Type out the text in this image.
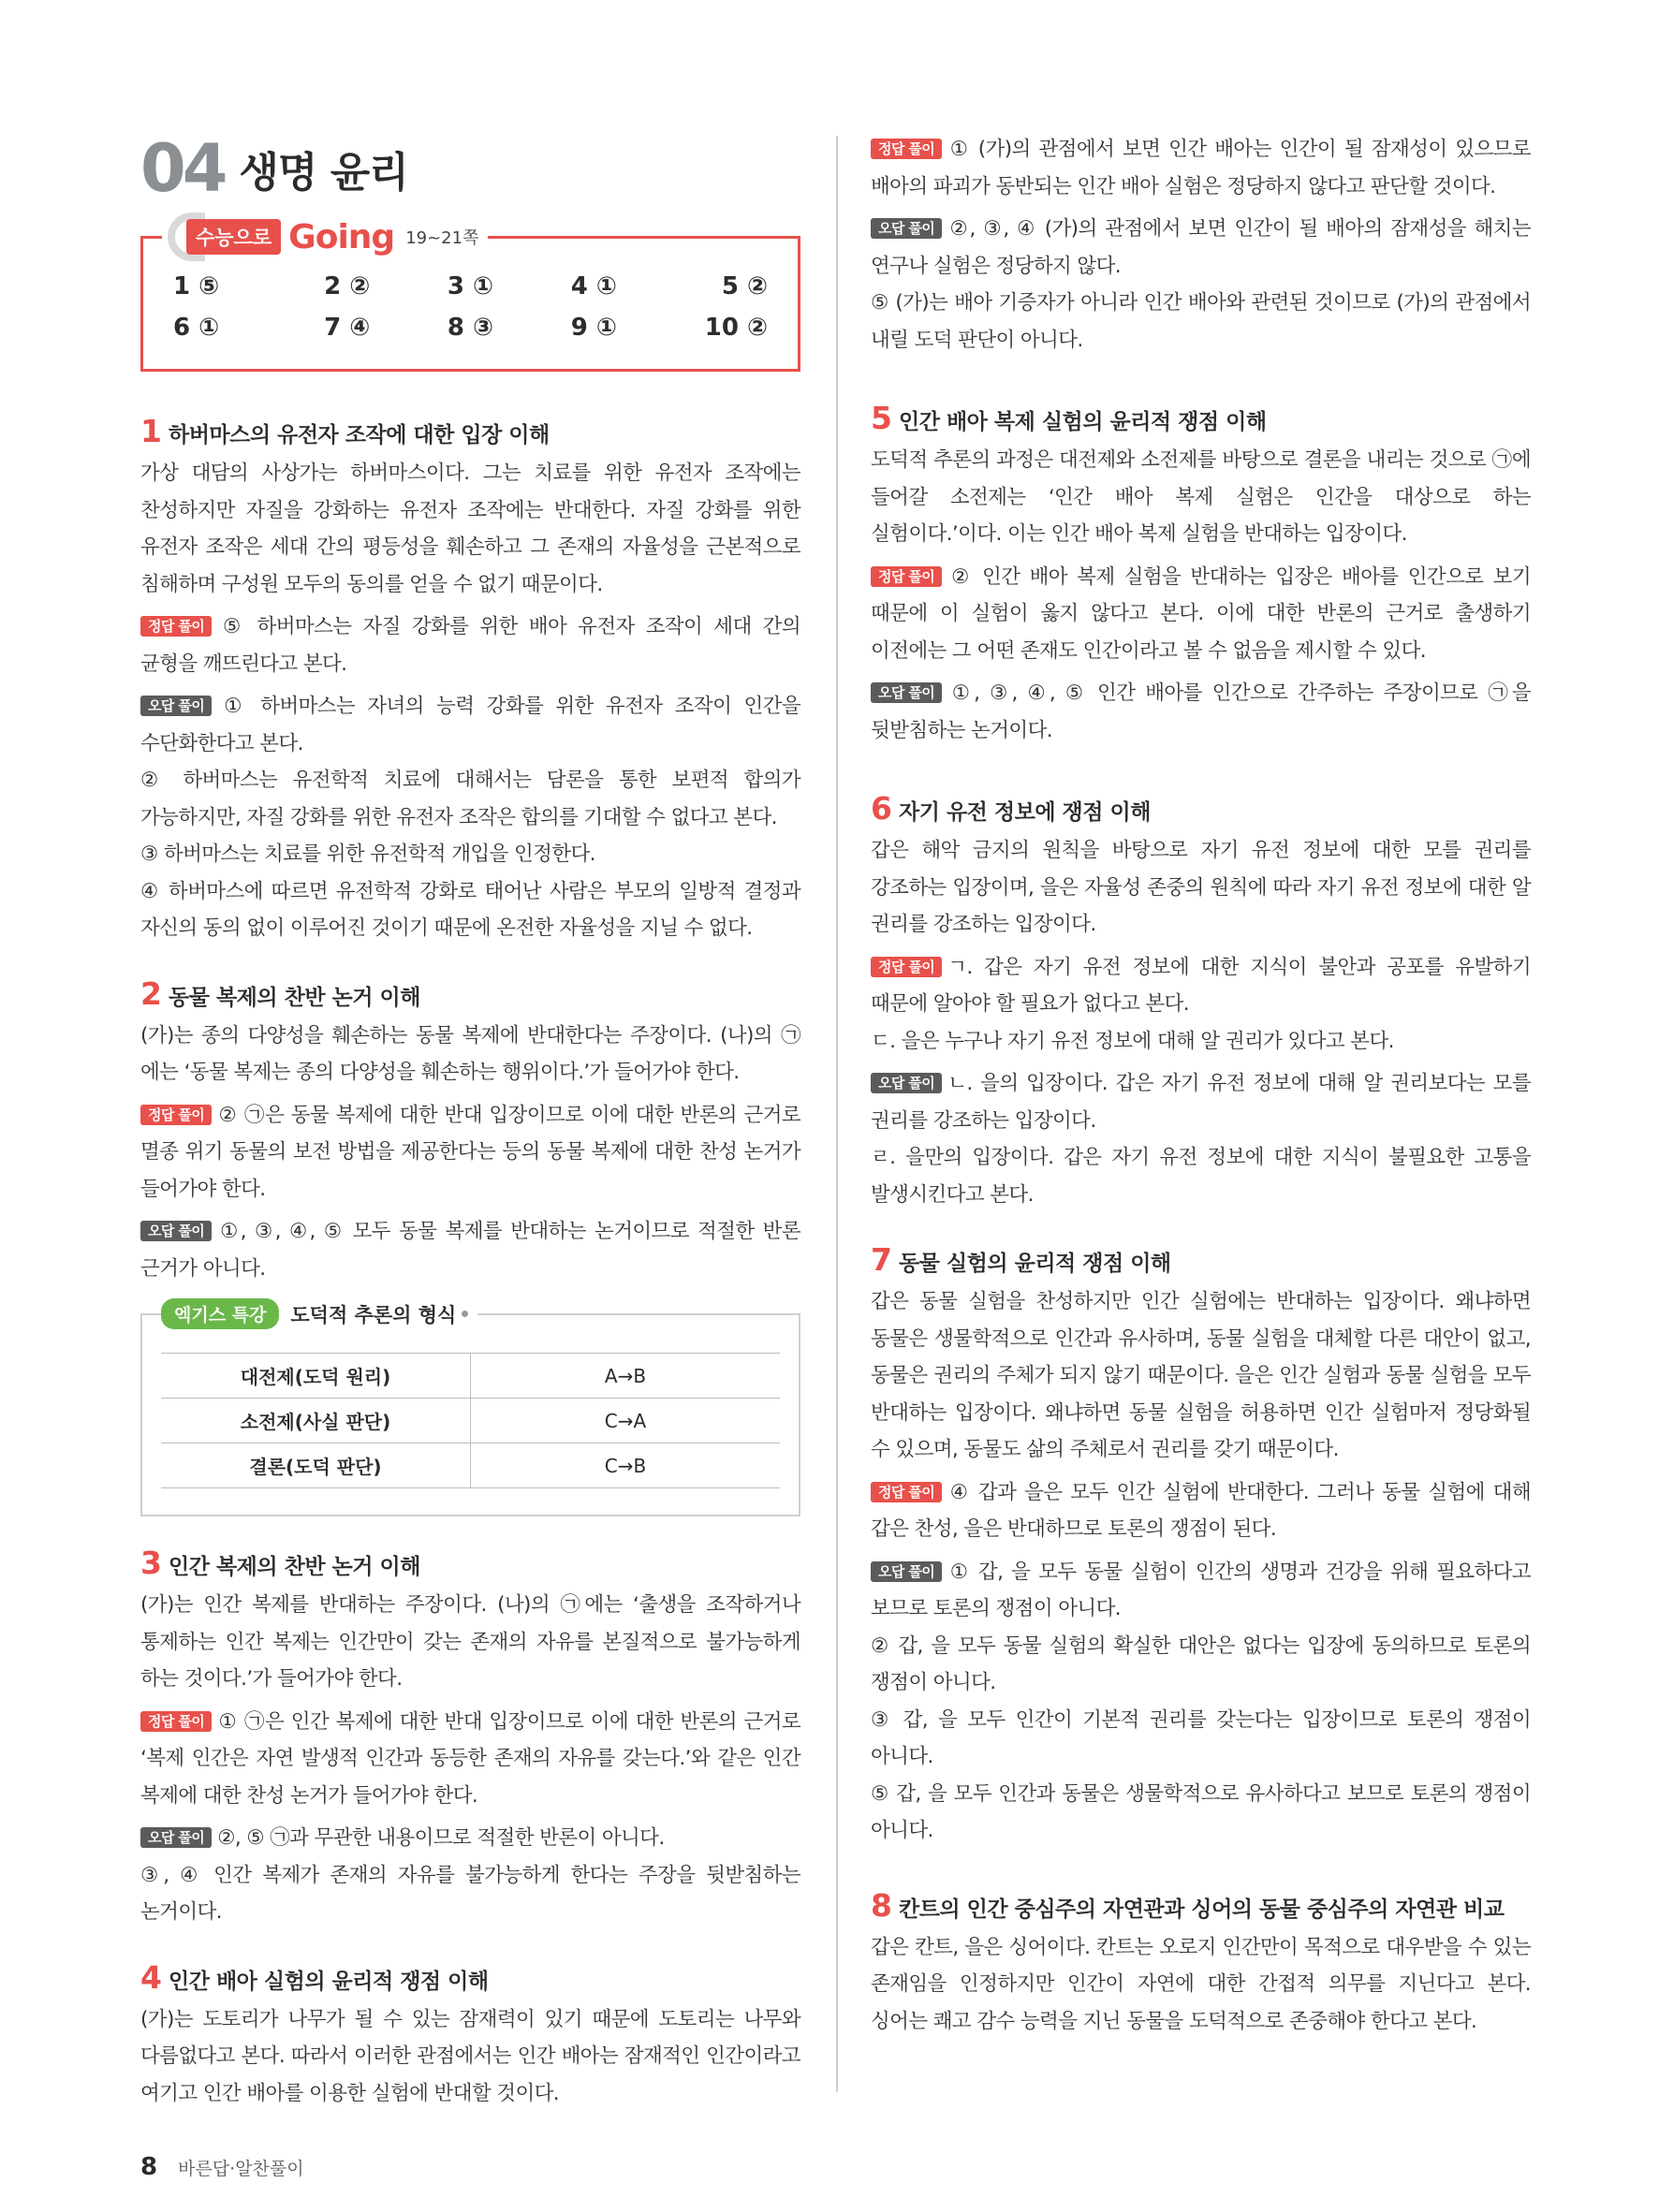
04 생명 윤리
수능으로 Going 19~21쪽
1 ⑤	2 ②	3 ①	4 ①	5 ②
6 ①	7 ④	8 ③	9 ①	10 ②
1 하버마스의 유전자 조작에 대한 입장 이해

가상 대담의 사상가는 하버마스이다. 그는 치료를 위한 유전자 조작에는 찬성하지만 자질을 강화하는 유전자 조작에는 반대한다. 자질 강화를 위한 유전자 조작은 세대 간의 평등성을 훼손하고 그 존재의 자율성을 근본적으로 침해하며 구성원 모두의 동의를 얻을 수 없기 때문이다.

정답 풀이 ⑤ 하버마스는 자질 강화를 위한 배아 유전자 조작이 세대 간의 균형을 깨뜨린다고 본다.

오답 풀이 ① 하버마스는 자녀의 능력 강화를 위한 유전자 조작이 인간을 수단화한다고 본다.

② 하버마스는 유전학적 치료에 대해서는 담론을 통한 보편적 합의가 가능하지만, 자질 강화를 위한 유전자 조작은 합의를 기대할 수 없다고 본다.

③ 하버마스는 치료를 위한 유전학적 개입을 인정한다.

④ 하버마스에 따르면 유전학적 강화로 태어난 사람은 부모의 일방적 결정과 자신의 동의 없이 이루어진 것이기 때문에 온전한 자율성을 지닐 수 없다.

2 동물 복제의 찬반 논거 이해

(가)는 종의 다양성을 훼손하는 동물 복제에 반대한다는 주장이다. (나)의 ㉠에는 ‘동물 복제는 종의 다양성을 훼손하는 행위이다.’가 들어가야 한다.

정답 풀이 ② ㉠은 동물 복제에 대한 반대 입장이므로 이에 대한 반론의 근거로 멸종 위기 동물의 보전 방법을 제공한다는 등의 동물 복제에 대한 찬성 논거가 들어가야 한다.

오답 풀이 ①, ③, ④, ⑤ 모두 동물 복제를 반대하는 논거이므로 적절한 반론 근거가 아니다.

엑기스 특강	도덕적 추론의 형식
대전제(도덕 원리)	A→B
소전제(사실 판단)	C→A
결론(도덕 판단)	C→B
3 인간 복제의 찬반 논거 이해

(가)는 인간 복제를 반대하는 주장이다. (나)의 ㉠에는 ‘출생을 조작하거나 통제하는 인간 복제는 인간만이 갖는 존재의 자유를 본질적으로 불가능하게 하는 것이다.’가 들어가야 한다.

정답 풀이 ① ㉠은 인간 복제에 대한 반대 입장이므로 이에 대한 반론의 근거로 ‘복제 인간은 자연 발생적 인간과 동등한 존재의 자유를 갖는다.’와 같은 인간 복제에 대한 찬성 논거가 들어가야 한다.

오답 풀이 ②, ⑤ ㉠과 무관한 내용이므로 적절한 반론이 아니다.

③, ④ 인간 복제가 존재의 자유를 불가능하게 한다는 주장을 뒷받침하는 논거이다.

4 인간 배아 실험의 윤리적 쟁점 이해

(가)는 도토리가 나무가 될 수 있는 잠재력이 있기 때문에 도토리는 나무와 다름없다고 본다. 따라서 이러한 관점에서는 인간 배아는 잠재적인 인간이라고 여기고 인간 배아를 이용한 실험에 반대할 것이다.

정답 풀이 ① (가)의 관점에서 보면 인간 배아는 인간이 될 잠재성이 있으므로 배아의 파괴가 동반되는 인간 배아 실험은 정당하지 않다고 판단할 것이다.

오답 풀이 ②, ③, ④ (가)의 관점에서 보면 인간이 될 배아의 잠재성을 해치는 연구나 실험은 정당하지 않다.

⑤ (가)는 배아 기증자가 아니라 인간 배아와 관련된 것이므로 (가)의 관점에서 내릴 도덕 판단이 아니다.

5 인간 배아 복제 실험의 윤리적 쟁점 이해

도덕적 추론의 과정은 대전제와 소전제를 바탕으로 결론을 내리는 것으로 ㉠에 들어갈 소전제는 ‘인간 배아 복제 실험은 인간을 대상으로 하는 실험이다.’이다. 이는 인간 배아 복제 실험을 반대하는 입장이다.

정답 풀이 ② 인간 배아 복제 실험을 반대하는 입장은 배아를 인간으로 보기 때문에 이 실험이 옳지 않다고 본다. 이에 대한 반론의 근거로 출생하기 이전에는 그 어떤 존재도 인간이라고 볼 수 없음을 제시할 수 있다.

오답 풀이 ①, ③, ④, ⑤ 인간 배아를 인간으로 간주하는 주장이므로 ㉠을 뒷받침하는 논거이다.

6 자기 유전 정보에 쟁점 이해

갑은 해악 금지의 원칙을 바탕으로 자기 유전 정보에 대한 모를 권리를 강조하는 입장이며, 을은 자율성 존중의 원칙에 따라 자기 유전 정보에 대한 알 권리를 강조하는 입장이다.

정답 풀이 ㄱ. 갑은 자기 유전 정보에 대한 지식이 불안과 공포를 유발하기 때문에 알아야 할 필요가 없다고 본다.

ㄷ. 을은 누구나 자기 유전 정보에 대해 알 권리가 있다고 본다.

오답 풀이 ㄴ. 을의 입장이다. 갑은 자기 유전 정보에 대해 알 권리보다는 모를 권리를 강조하는 입장이다.

ㄹ. 을만의 입장이다. 갑은 자기 유전 정보에 대한 지식이 불필요한 고통을 발생시킨다고 본다.

7 동물 실험의 윤리적 쟁점 이해

갑은 동물 실험을 찬성하지만 인간 실험에는 반대하는 입장이다. 왜냐하면 동물은 생물학적으로 인간과 유사하며, 동물 실험을 대체할 다른 대안이 없고, 동물은 권리의 주체가 되지 않기 때문이다. 을은 인간 실험과 동물 실험을 모두 반대하는 입장이다. 왜냐하면 동물 실험을 허용하면 인간 실험마저 정당화될 수 있으며, 동물도 삶의 주체로서 권리를 갖기 때문이다.

정답 풀이 ④ 갑과 을은 모두 인간 실험에 반대한다. 그러나 동물 실험에 대해 갑은 찬성, 을은 반대하므로 토론의 쟁점이 된다.

오답 풀이 ① 갑, 을 모두 동물 실험이 인간의 생명과 건강을 위해 필요하다고 보므로 토론의 쟁점이 아니다.

② 갑, 을 모두 동물 실험의 확실한 대안은 없다는 입장에 동의하므로 토론의 쟁점이 아니다.

③ 갑, 을 모두 인간이 기본적 권리를 갖는다는 입장이므로 토론의 쟁점이 아니다.

⑤ 갑, 을 모두 인간과 동물은 생물학적으로 유사하다고 보므로 토론의 쟁점이 아니다.

8 칸트의 인간 중심주의 자연관과 싱어의 동물 중심주의 자연관 비교

갑은 칸트, 을은 싱어이다. 칸트는 오로지 인간만이 목적으로 대우받을 수 있는 존재임을 인정하지만 인간이 자연에 대한 간접적 의무를 지닌다고 본다. 싱어는 쾌고 감수 능력을 지닌 동물을 도덕적으로 존중해야 한다고 본다.

8 바른답·알찬풀이
